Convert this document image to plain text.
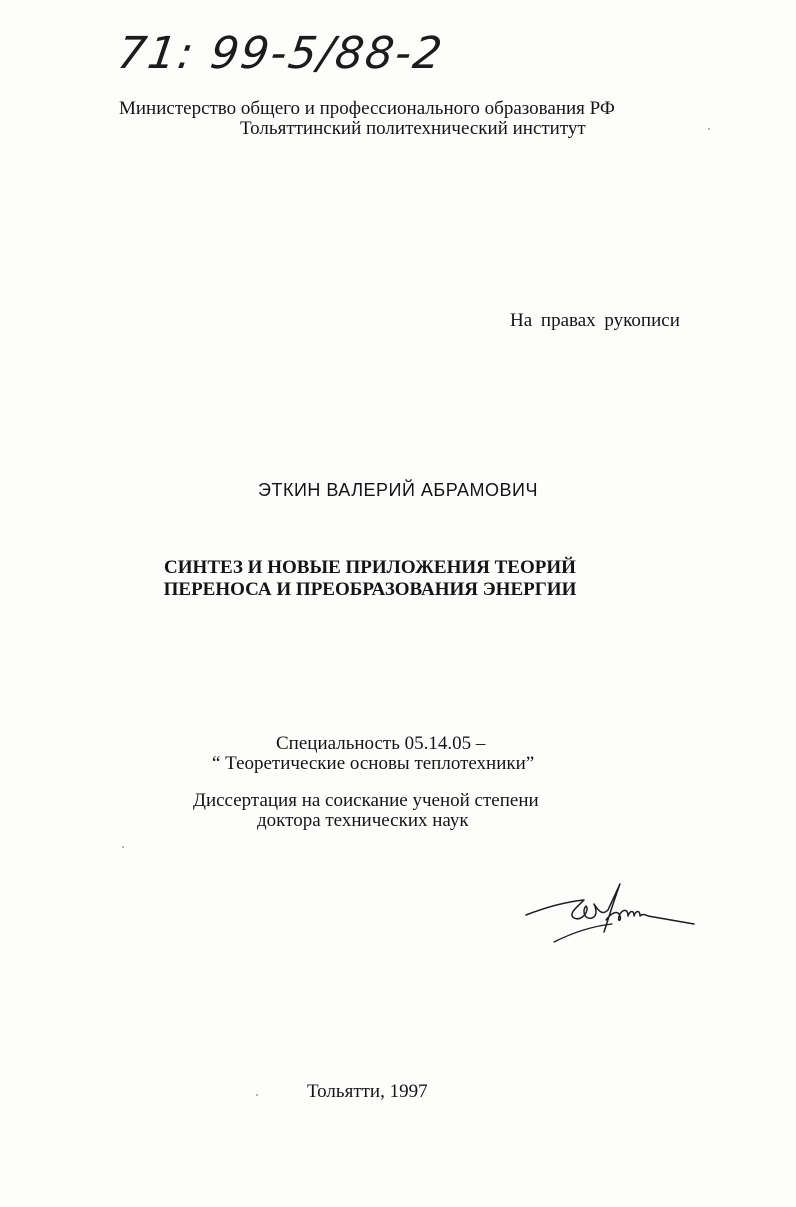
71: 99-5/88-2
Министерство общего и профессионального образования РФ
Тольяттинский политехнический институт
На правах рукописи
ЭТКИН ВАЛЕРИЙ АБРАМОВИЧ
СИНТЕЗ И НОВЫЕ ПРИЛОЖЕНИЯ ТЕОРИЙ
ПЕРЕНОСА И ПРЕОБРАЗОВАНИЯ ЭНЕРГИИ
Специальность 05.14.05 –
“ Теоретические основы теплотехники”
Диссертация на соискание ученой степени
доктора технических наук
Тольятти, 1997
